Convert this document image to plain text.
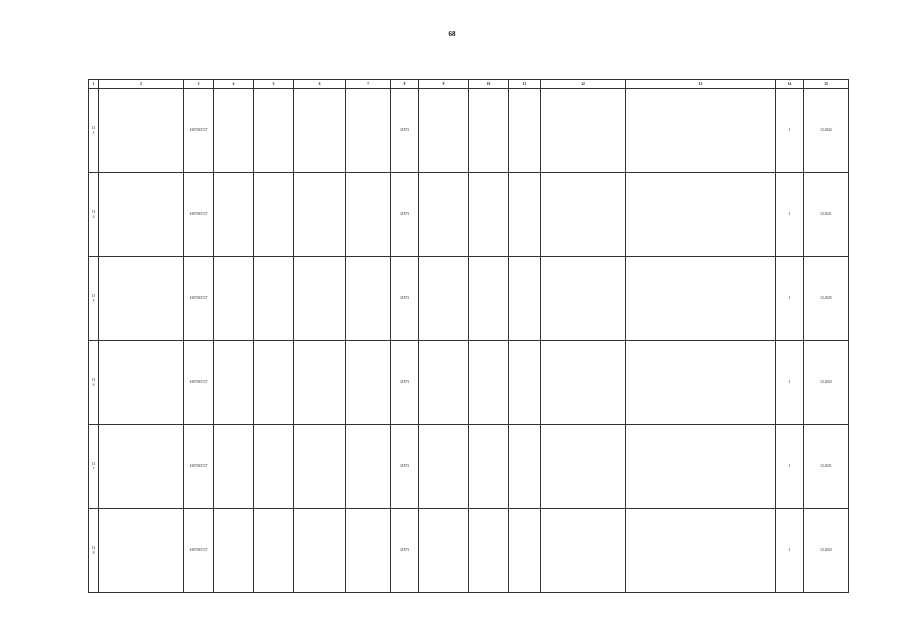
68
1	2	3	4	5	6	7	8	9	10	11	12	13	14	15
133		4307015727					31873						1	12.2022
134		4307015727					31873						1	12.2021
135		4307015727					31873						1	12.2025
136		4307015727					31873						1	12.2023
137		4307015727					31873						1	12.2021
138		4307015727					31873						1	12.2023
